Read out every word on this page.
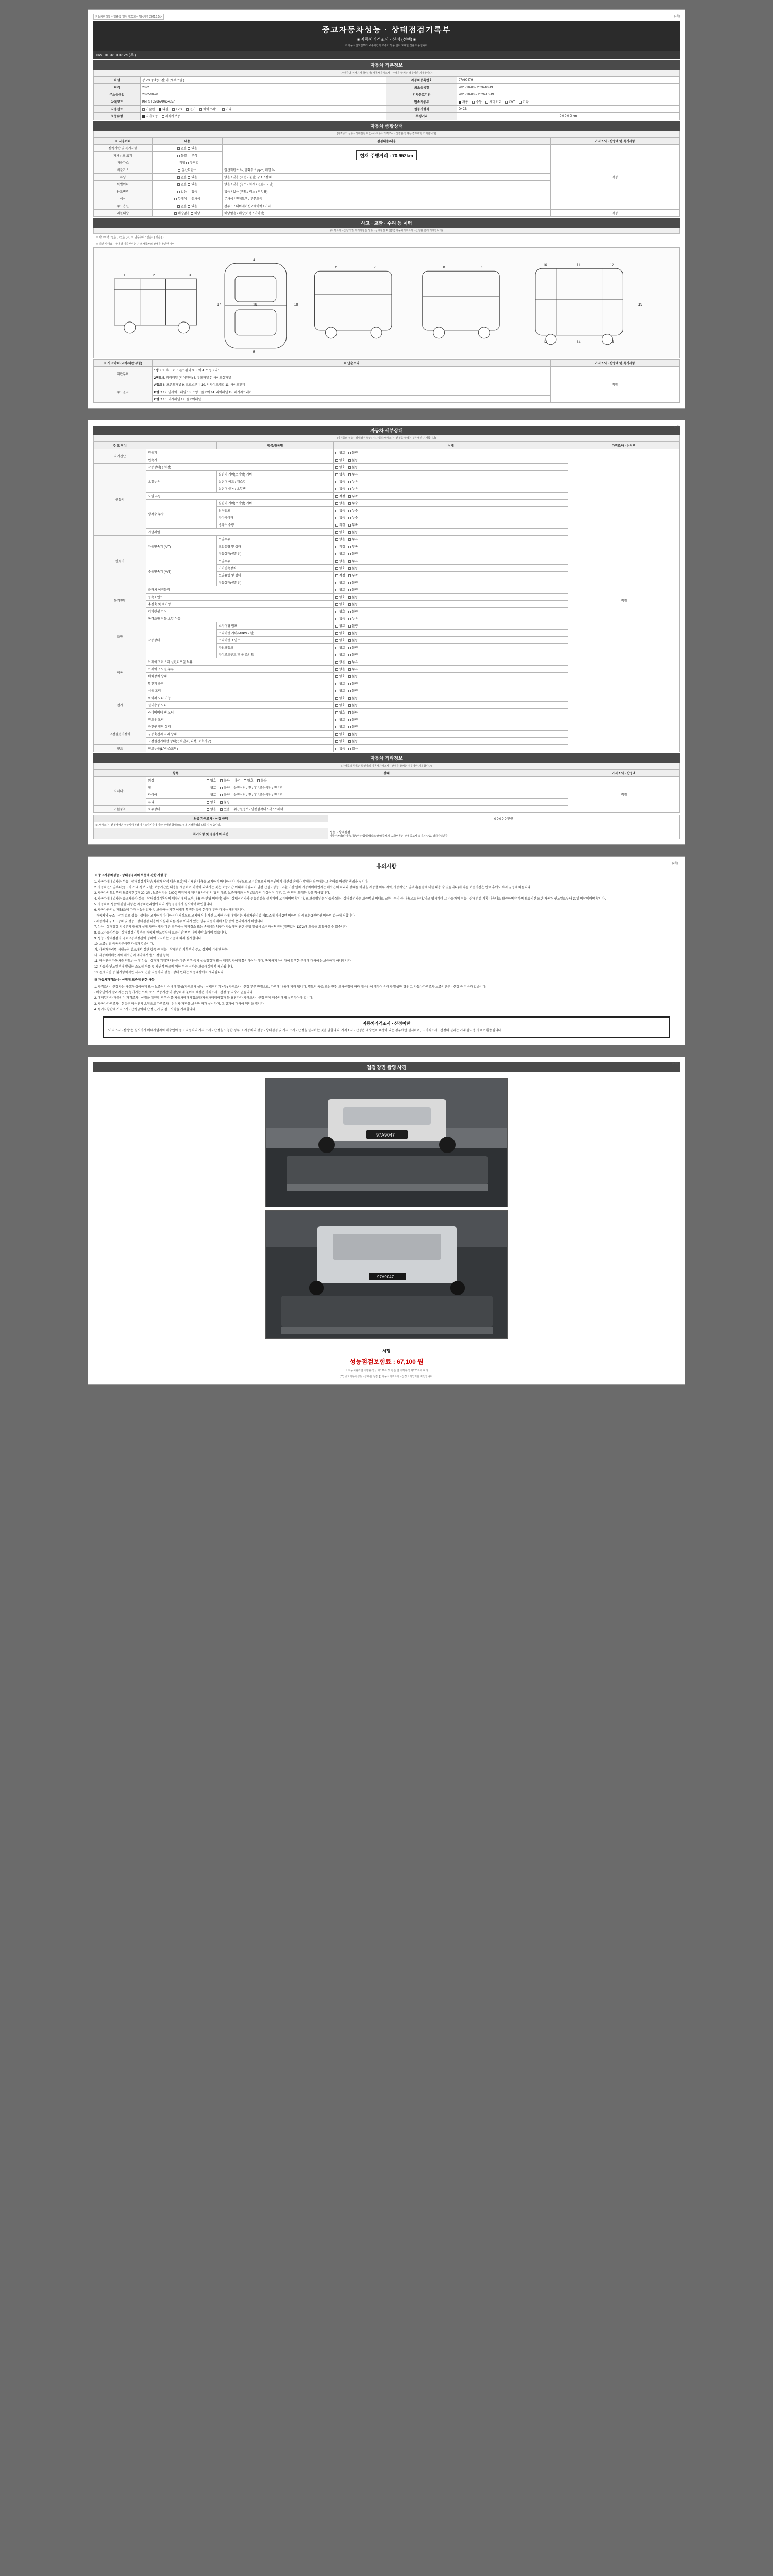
자동차관리법 시행규칙 [별지 제28호서식] <개정 2021.1.5.>	(1쪽)
중고자동차성능 · 상태점검기록부
■ 자동차가격조사 · 산정 (선택) ■
※ 자동차인도일부터 보증기간과 보증거리 중 먼저 도래한 것을 적용합니다.
No 0036900329(주)
자동차 기본정보
(자격증명 기재기재 확인(서) 자동차가격조사 · 산정을 함께는 경우에만 기재합니다)
차명	봉고3 중축(LS산)더 (새부모델 )	자동차등록번호	97A90479
연식	2022	최초등록일	2025-10-00 / 2026-10-19
주소등록일	2022-10-20	검사유효기간	2025-10-00 ~ 2026-10-19
차체코드	KNFSTC76RAK654857	변속기종류	자동 수동 세미오토 CVT 기타
사용연료	가솔린 디젤 LPG 전기 하이브리드 기타	원동기형식	D4CB
보증유형	자가보증 제작사보증	주행거리	0 0 0 0 0 km
자동차 종합상태
(자격증의 성능 · 상태점검 확인(서) 자동차가격조사 · 산정을 함께는 경우에만 기재합니다)
※ 사용이력	내용	점검내용/내용	가격조사 · 산정액 및 특기사항
산정기반 및 특기사항	없음 있음	현재 주행거리 : 70,952km	적정
자체번호 표기	동일 부식		
배출가스	적합 부적합		
배출가스	일산화탄소	일산화탄소 %, 탄화수소 ppm, 매연 %	
튜닝	없음 있음	없음 / 있음 (적법 / 불법) 구조 / 장치	
특별이력	없음 있음	없음 / 있음 (침수 / 화재 / 전손 / 도난)	
용도변경	없음 있음	없음 / 있음 (렌트 / 리스 / 영업용)	
색상	무채색 유채색	무채색 / 전체도색 / 부분도색	
주요옵션	없음 있음	선루프 / 내비게이션 / 에어백 / 기타	
리콜대상	해당없음 해당	해당없음 / 해당(이행 / 미이행)	적정
사고 · 교환 · 수리 등 이력
(자격조사 · 산정액 및 특기사항은 성능 · 상태점검 확인(서) 자동차가격조사 · 산정을 함께 기재합니다)
※ 사고이력 : 없음 ( ) 있음 ( ○ ) ※ 단순수리 : 없음 ( ) 있음 ( )
※ 하단 상태표시 항목별 기준부위는 기타 자동차의 상태를 확인한 것임
1	2	3
4
16
5
6	7	8	9
10	11	12
13	14	15
17	18	19
※ 사고이력 (교차/외판 부품)	※ 단순수리	가격조사 · 산정액 및 특기사항
외판부위	1랭크 1. 후드 2. 프론트휀더 3. 도어 4. 트렁크리드	적정
	2랭크 5. 쿼터패널 (리어휀더) 6. 루프패널 7. 사이드실패널	
주요골격	A랭크 8. 프론트패널 9. 크로스멤버 10. 인사이드패널 11. 사이드멤버	
	B랭크 12. 인사이드패널 13. 트렁크플로어 14. 리어패널 15. 패키지트레이	
	C랭크 16. 대시패널 17. 플로어패널	
(2쪽)
자동차 세부상태
(자격증의 성능 · 상태점검 확인(서) 자동차가격조사 · 산정을 함께는 경우에만 기재합니다)
주 요 장치		항목/항목명	상태	가격조사 · 산정액
자기진단	원동기		양호 불량	적정
	변속기		양호 불량	
원동기	작동상태(공회전)		양호 불량	
	오일누유	실린더 커버(로커암) 커버	없음 누유	
		실린더 헤드 / 개스킷	없음 누유	
		실린더 블록 / 오일팬	없음 누유	
	오일 유량		적정 부족	
	냉각수 누수	실린더 커버(로커암) 커버	없음 누수	
		워터펌프	없음 누수	
		라디에이터	없음 누수	
		냉각수 수량	적정 부족	
	커먼레일		양호 불량	
변속기	자동변속기 (A/T)	오일누유	없음 누유	
		오일유량 및 상태	적정 부족	
		작동상태(공회전)	양호 불량	
	수동변속기 (M/T)	오일누유	없음 누유	
		기어변속장치	양호 불량	
		오일유량 및 상태	적정 부족	
		작동상태(공회전)	양호 불량	
동력전달	클러치 어셈블리		양호 불량	
	등속조인트		양호 불량	
	추진축 및 베어링		양호 불량	
	디퍼렌셜 기어		양호 불량	
조향	동력조향 작동 오일 누유		없음 누유	
	작동상태	스티어링 펌프	양호 불량	
		스티어링 기어(MDPS포함)	양호 불량	
		스티어링 조인트	양호 불량	
		파워크랭크	양호 불량	
		타이로드엔드 및 볼 조인트	양호 불량	
제동	브레이크 마스터 실린더오일 누유		없음 누유	
	브레이크 오일 누유		없음 누유	
	배력장치 상태		양호 불량	
	발전기 출력		양호 불량	
전기	시동 모터		양호 불량	
	와이퍼 모터 기능		양호 불량	
	실내송풍 모터		양호 불량	
	라디에이터 팬 모터		양호 불량	
	윈도우 모터		양호 불량	
고전원전기장치	충전구 절연 상태		양호 불량	
	구동축전지 격리 상태		양호 불량	
	고전원전기배선 상태(접속단자, 피복, 보호기구)		양호 불량	
연료	연료누출(LP가스포함)		없음 있음	
자동차 기타정보
(자격증의 항목은 확인자의 자동차가격조사 · 산정을 함께는 경우에만 기재합니다)
	항목	상태	가격조사 · 산정액
사태대요	외장	양호 불량 내장 양호 불량	적정
	휠	양호 불량 운전석전 / 전 / 후 / 조수석전 / 전 / 후	
	타이어	양호 불량 운전석전 / 전 / 후 / 조수석전 / 전 / 후	
	유리	양호 불량	
기본품목	보유상태	없음 있음 취급설명서 / 안전삼각대 / 잭 / 스패너	
최종 가격조사 · 산정 금액	0 0 0 0 0 만원
※ 가격조사 · 산정가격은 성능상태점검 가격조사기준에 따라 산정된 금액으로 실제 거래금액과 다를 수 있습니다.	
특기사항 및 점검자의 의견	성능 · 상태점검
비급여차량(타이어/기본/성능/휠/블랙박스/상/보증체제, 도금변동은 판매 중고사 유기지 당음, 영하이력인증.
(3쪽)
유의사항

※ 중고자동차성능 · 상태점검자의 보증에 관한 사항 등

1. 자동차매매업자는 성능 · 상태점검기록부(자동차 산정 내용 포함)에 기재된 내용을 고지하지 아니하거나 거짓으로 고지함으로써 매수인에게 재산상 손해가 발생한 경우에는 그 손해를 배상할 책임을 집니다.
2. 자동차인도일부터(중고차 거래 정보 포함) 보증기간은 내용물 제공하여 이행이 되었기는 것은 보증기간 이내에 지원되어 남편 산정 · 성능 · 교환 기간 연차 자동차매매업자는 매수인의 처리과 상태를 바뀌을 재공할 의무 지역, 자동차인도일부터(점검에 대한 내용 수 있습니다)에 따른 보증기간은 만료 후에도 부과 규정에 따릅니다.
3. 자동차인도일부터 보증기간(2개 30, 3월, 보증거리는 2,000) 범위에서 계약 당사자간의 협의 하고, 보증거리와 선형별로부터 이상이며 이후, 그 중 먼저 도래한 것을 적용합니다.
4. 자동차매매업자는 중고자동차 성능 · 상태점검기록부에 매수인에게 교부(내용 수 반영 이력이) 성능 · 상태점검자가 성능점검을 실시하여 고지하여야 합니다. 또 보증범위는 '자동차성능 · 상태점검자는 보증범위 이내로 교환 · 수리 등 내용으로 한다.'라고 명시하여 그 자동차의 성능 · 상태점검 기록 내용대로 보증하여야 하며 보증기간 또한 자동차 인도일로부터 30일 이상이어야 합니다.
5. 자동차의 성능에 관한 사항은 자동차관리법에 따라 성능점검자가 실시하여 확인합니다.
6. 자동차관리법 제58조에 따라 성능점검자 및 보증하는 기간 이내에 발생한 것에 한하며 부품 대체는 제외합니다.
- 자동차의 구조 · 장치 별로 성능 · 상태를 고지하지 아니하거나 거짓으로 고지하거나 거짓 고지한 자에 대해서는 자동차관리법 제80조에 따라 2년 이하의 징역 또는 2천만원 이하의 벌금에 처합니다.
- 자동차의 구조 · 장치 및 성능 · 상태점검 내용이 사실과 다른 경우 이의가 있는 경우 자동차매매조합 등에 문의하시기 바랍니다.
7. 성능 · 상태점검 기록부의 내용과 실제 차량상태가 다른 경우에는 계약취소 또는 손해배상청구가 가능하며 관련 분쟁 발생시 소비자상담센터(국번없이 1372)에 도움을 요청하실 수 있습니다.
8. 중고자동차성능 · 상태점검기록부는 자동차 인도일부터 보증기간 범위 내에서만 효력이 있습니다.
9. 성능 · 상태점검자 국토교통부장관이 정하여 고시하는 기준에 따라 실시합니다.
10. 보증범위 품목기준이란 다음과 같습니다.
가. 자동차관리법 시행규칙 별표에서 정한 항목 중 성능 · 상태점검 기록부의 주요 장치에 기재된 항목
나. 자동차매매업자와 매수인이 계약에서 별도 정한 항목
11. 매수인은 자동차를 인도받은 후 성능 · 상태가 기재된 내용과 다른 경우 즉시 성능점검자 또는 매매업자에게 통지하여야 하며, 통지하지 아니하여 발생한 손해에 대하여는 보증하지 아니합니다.
12. 자동차 인도일부터 발생한 소모성 부품 및 자연적 마모에 의한 성능 저하는 보증대상에서 제외됩니다.
13. 천재지변 등 불가항력적인 사유로 인한 자동차의 성능 · 상태 변화는 보증대상에서 제외됩니다.

※ 자동차가격조사 · 산정에 보증에 관한 사항

1. 가격조사 · 산정자는 사실과 상이하게 또는 보증거리 이내에 발생(가격조사 성능 · 상태점검기록부) 가격조사 · 산정 부분 한정으로, 가격에 내용에 따라 됩니다. 별도의 구조 또는 한정 조사산정에 따라 매수인에 대하여 손해가 발생한 경우 그 자동차가격조사 보증기간은 · 산정 중 지수가 없습니다.
· 매수인에게 알려지는 (성능기기는 모두) 어느 보증기간 내 정당하게 불이익 배상은 가격조사 · 산정 중 지수가 없습니다.
2. 매매업자가 매수인이 가격조사 · 산정을 확인할 경우 이를 자동차매매사업조합/자동차매매사업자 등 담당자가 가격조사 · 산정 전에 매수인에게 설명하여야 합니다.
3. 자동차가격조사 · 산정은 매수인의 요청으로 가격조사 · 산정자 자격을 보유한 자가 실시하며, 그 결과에 대하여 책임을 집니다.
4. 특기사항란에 가격조사 · 산정금액의 산정 근거 및 참고사항을 기재합니다.
자동차가격조사 · 산정이란
"가격조사 · 산정"은 실시기가 매매사업자와 매수인이 중고 자동차의 가격 조사 · 산정을 요청한 경우 그 자동차의 성능 · 상태점검 및 가격 조사 · 산정을 실시하는 것을 말합니다. 가격조사 · 산정은 매수인의 요청이 있는 경우에만 실시하며, 그 가격조사 · 산정의 결과는 거래 참고용 자료로 활용됩니다.
(4쪽)
점검 장면 촬영 사진
97A9047
97A9047
서명
성능점검보험료 : 67,100 원
「 자동차관리법 시행규칙 」 제120조 및 같은 법 시행규칙 제120조에 따라
[ Y ] 중고자동차성능 · 상태를 점검, [ ] 자동차가격조사 · 산정 1 사업자를 확인합니다.
